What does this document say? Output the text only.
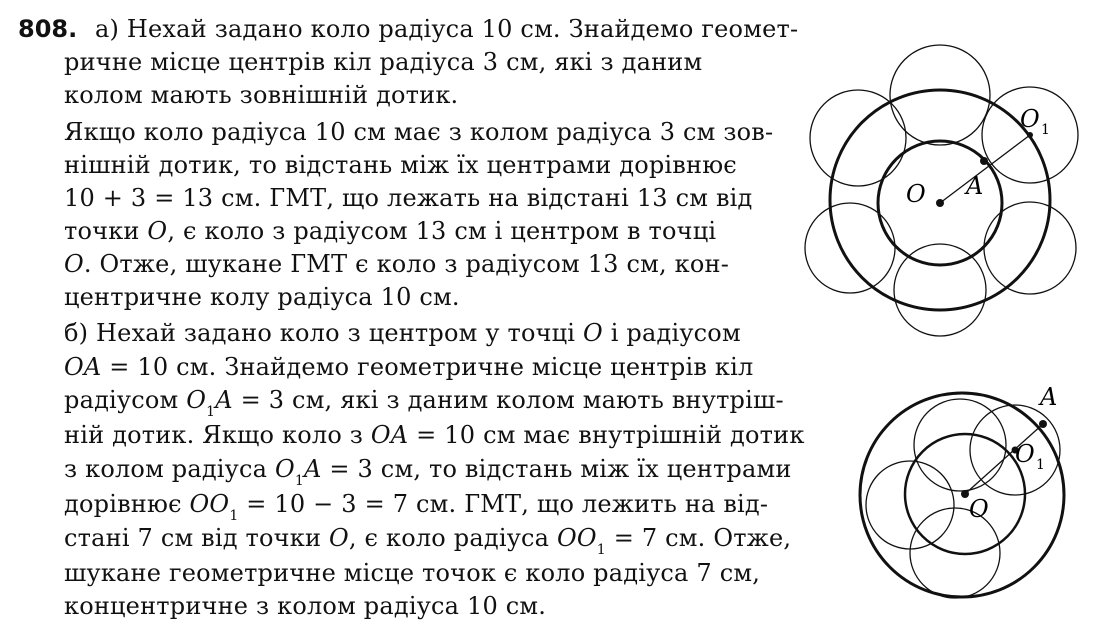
808. а) Нехай задано коло радіуса 10 см. Знайдемо геомет-

ричне місце центрів кіл радіуса 3 см, які з даним

колом мають зовнішній дотик.

Якщо коло радіуса 10 см має з колом радіуса 3 см зов-

нішній дотик, то відстань між їх центрами дорівнює

10 + 3 = 13 см. ГМТ, що лежать на відстані 13 см від

точки O, є коло з радіусом 13 см і центром в точці

O. Отже, шукане ГМТ є коло з радіусом 13 см, кон-

центричне колу радіуса 10 см.

б) Нехай задано коло з центром у точці O і радіусом

OA = 10 см. Знайдемо геометричне місце центрів кіл

радіусом $O_1A = 3$ см, які з даним колом мають внутріш-

ній дотик. Якщо коло з OA = 10 см має внутрішній дотик

з колом радіуса $O_1A = 3$ см, то відстань між їх центрами

дорівнює $OO_1 = 10 - 3 = 7$ см. ГМТ, що лежить на від-

стані 7 см від точки O, є коло радіуса $OO_1 = 7$ см. Отже,

шукане геометричне місце точок є коло радіуса 7 см,

концентричне з колом радіуса 10 см.

O A
O 1
A
O 1
O
